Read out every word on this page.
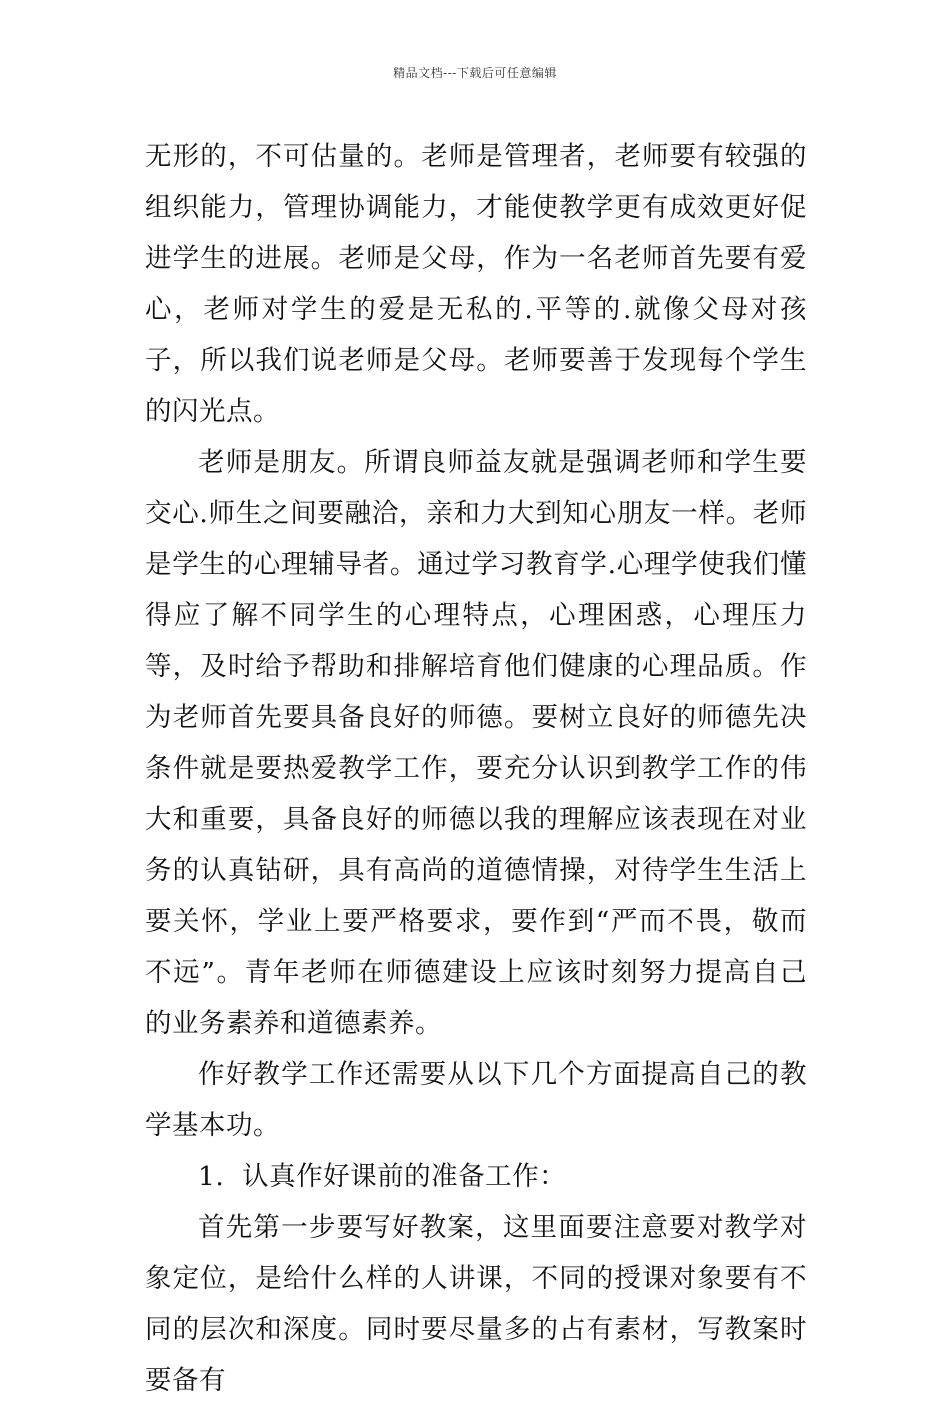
精品文档---下载后可任意编辑

无形的，不可估量的。老师是管理者，老师要有较强的组织能力，管理协调能力，才能使教学更有成效更好促进学生的进展。老师是父母，作为一名老师首先要有爱心，老师对学生的爱是无私的.平等的.就像父母对孩子，所以我们说老师是父母。老师要善于发现每个学生的闪光点。

老师是朋友。所谓良师益友就是强调老师和学生要交心.师生之间要融洽，亲和力大到知心朋友一样。老师是学生的心理辅导者。通过学习教育学.心理学使我们懂得应了解不同学生的心理特点，心理困惑，心理压力等，及时给予帮助和排解培育他们健康的心理品质。作为老师首先要具备良好的师德。要树立良好的师德先决条件就是要热爱教学工作，要充分认识到教学工作的伟大和重要，具备良好的师德以我的理解应该表现在对业务的认真钻研，具有高尚的道德情操，对待学生生活上要关怀，学业上要严格要求，要作到“严而不畏，敬而不远”。青年老师在师德建设上应该时刻努力提高自己的业务素养和道德素养。

作好教学工作还需要从以下几个方面提高自己的教学基本功。

1.  认真作好课前的准备工作：

首先第一步要写好教案，这里面要注意要对教学对象定位，是给什么样的人讲课，不同的授课对象要有不同的层次和深度。同时要尽量多的占有素材，写教案时要备有
